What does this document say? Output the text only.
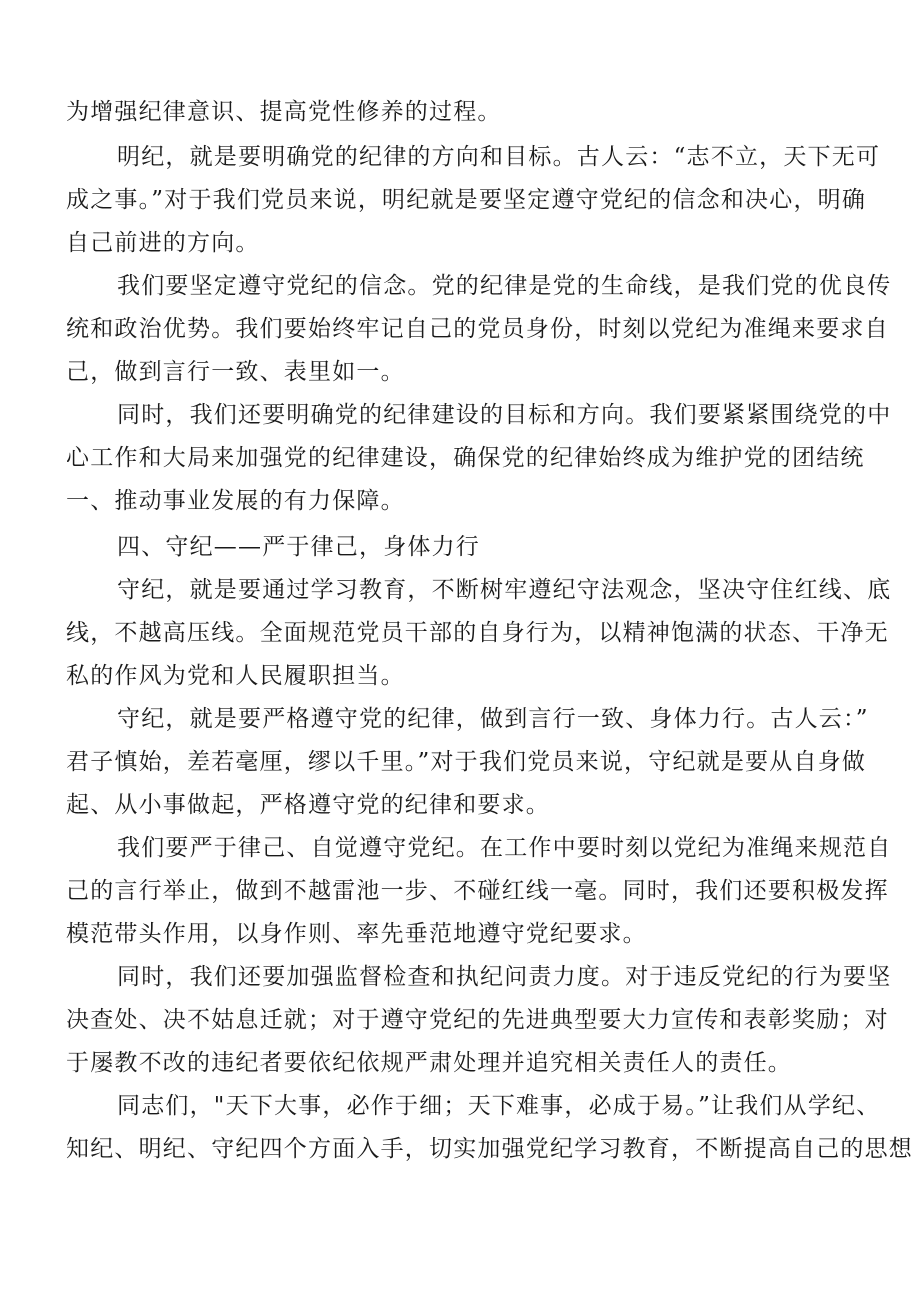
为增强纪律意识、提高党性修养的过程。
明纪，就是要明确党的纪律的方向和目标。古人云：“志不立，天下无可
成之事。”对于我们党员来说，明纪就是要坚定遵守党纪的信念和决心，明确
自己前进的方向。
我们要坚定遵守党纪的信念。党的纪律是党的生命线，是我们党的优良传
统和政治优势。我们要始终牢记自己的党员身份，时刻以党纪为准绳来要求自
己，做到言行一致、表里如一。
同时，我们还要明确党的纪律建设的目标和方向。我们要紧紧围绕党的中
心工作和大局来加强党的纪律建设，确保党的纪律始终成为维护党的团结统
一、推动事业发展的有力保障。
四、守纪——严于律己，身体力行
守纪，就是要通过学习教育，不断树牢遵纪守法观念，坚决守住红线、底
线，不越高压线。全面规范党员干部的自身行为，以精神饱满的状态、干净无
私的作风为党和人民履职担当。
守纪，就是要严格遵守党的纪律，做到言行一致、身体力行。古人云：”
君子慎始，差若毫厘，缪以千里。”对于我们党员来说，守纪就是要从自身做
起、从小事做起，严格遵守党的纪律和要求。
我们要严于律己、自觉遵守党纪。在工作中要时刻以党纪为准绳来规范自
己的言行举止，做到不越雷池一步、不碰红线一毫。同时，我们还要积极发挥
模范带头作用，以身作则、率先垂范地遵守党纪要求。
同时，我们还要加强监督检查和执纪问责力度。对于违反党纪的行为要坚
决查处、决不姑息迁就；对于遵守党纪的先进典型要大力宣传和表彰奖励；对
于屡教不改的违纪者要依纪依规严肃处理并追究相关责任人的责任。
同志们，"天下大事，必作于细；天下难事，必成于易。”让我们从学纪、
知纪、明纪、守纪四个方面入手，切实加强党纪学习教育，不断提高自己的思想
